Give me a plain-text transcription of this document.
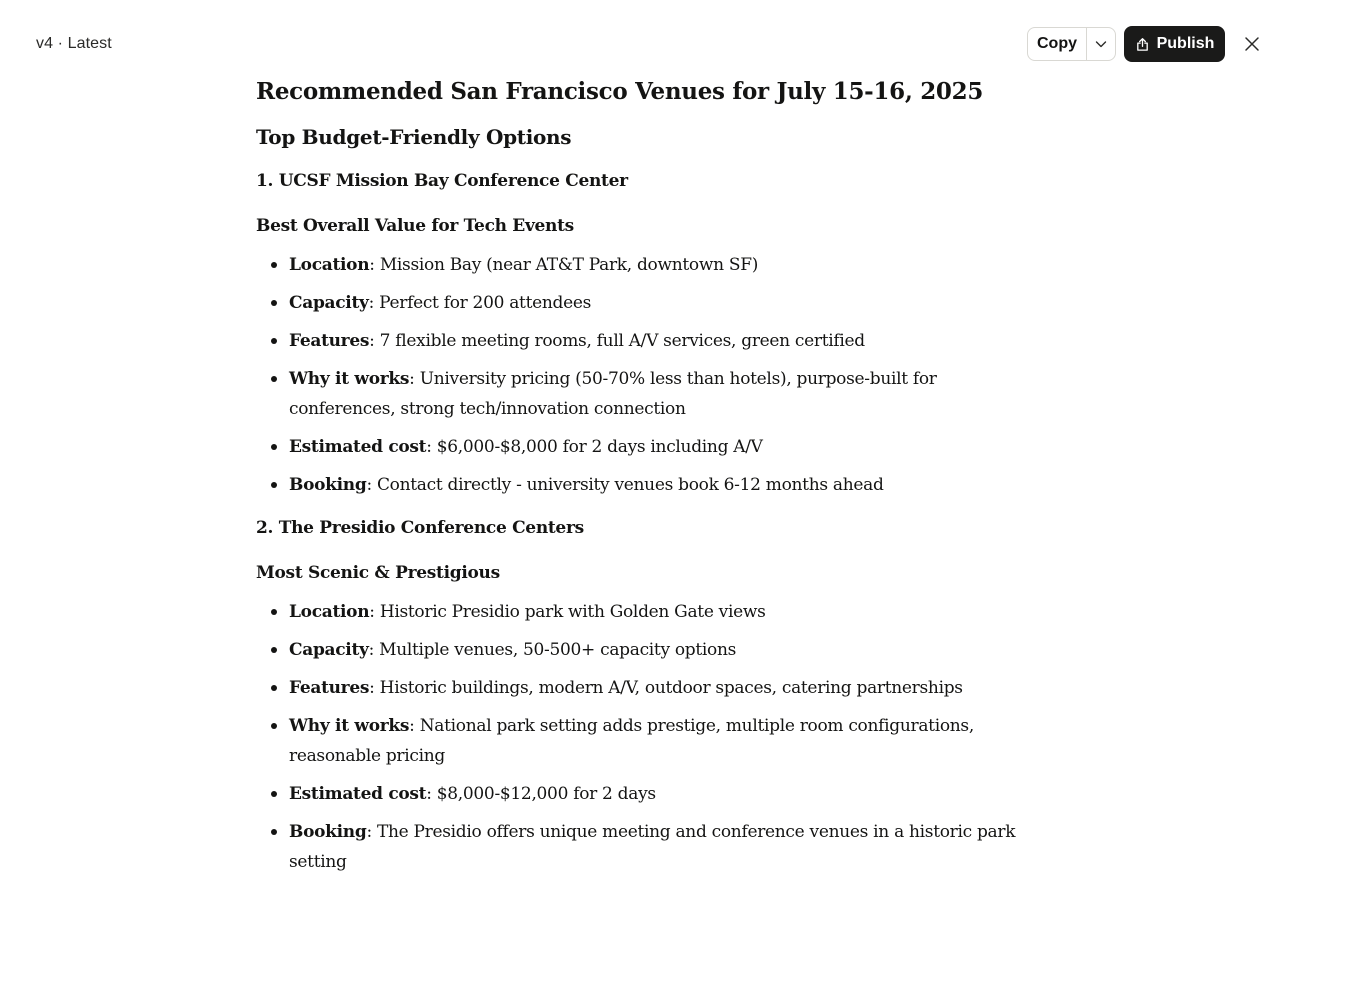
v4 · Latest	Copy	Publish
Recommended San Francisco Venues for July 15-16, 2025
Top Budget-Friendly Options
1. UCSF Mission Bay Conference Center
Best Overall Value for Tech Events
Location: Mission Bay (near AT&T Park, downtown SF)
Capacity: Perfect for 200 attendees
Features: 7 flexible meeting rooms, full A/V services, green certified
Why it works: University pricing (50-70% less than hotels), purpose-built for conferences, strong tech/innovation connection
Estimated cost: $6,000-$8,000 for 2 days including A/V
Booking: Contact directly - university venues book 6-12 months ahead
2. The Presidio Conference Centers
Most Scenic & Prestigious
Location: Historic Presidio park with Golden Gate views
Capacity: Multiple venues, 50-500+ capacity options
Features: Historic buildings, modern A/V, outdoor spaces, catering partnerships
Why it works: National park setting adds prestige, multiple room configurations, reasonable pricing
Estimated cost: $8,000-$12,000 for 2 days
Booking: The Presidio offers unique meeting and conference venues in a historic park setting
